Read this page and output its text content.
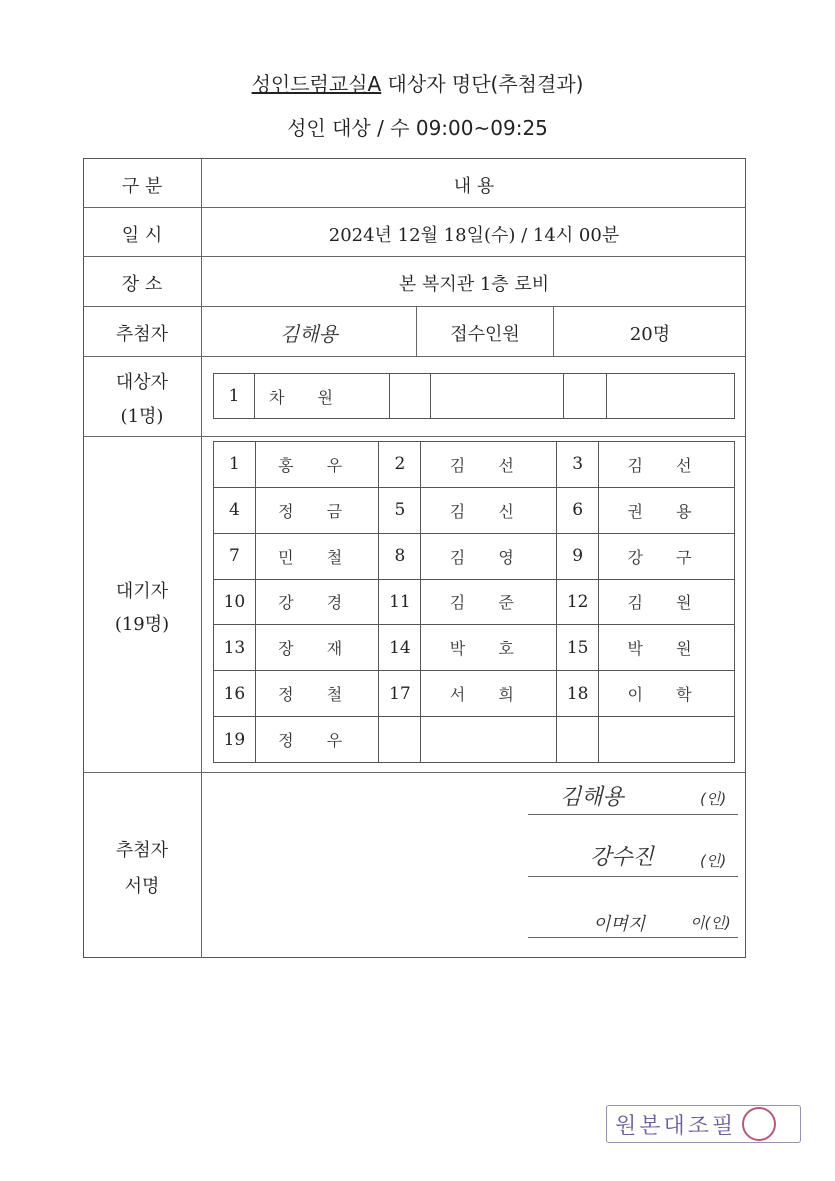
성인드럼교실A 대상자 명단(추첨결과)
성인 대상 / 수 09:00~09:25
구 분	내 용
일 시	2024년 12월 18일(수) / 14시 00분
장 소	본 복지관 1층 로비
추첨자	김해용	접수인원	20명
대상자
(1명)
1	차 원				
대기자
(19명)
1	홍 우	2	김 선	3	김 선
4	정 금	5	김 신	6	권 용
7	민 철	8	김 영	9	강 구
10	강 경	11	김 준	12	김 원
13	장 재	14	박 호	15	박 원
16	정 철	17	서 희	18	이 학
19	정 우				
추첨자
서명
김해용	(인)
강수진	(인)
이며지	이(인)
원본대조필
